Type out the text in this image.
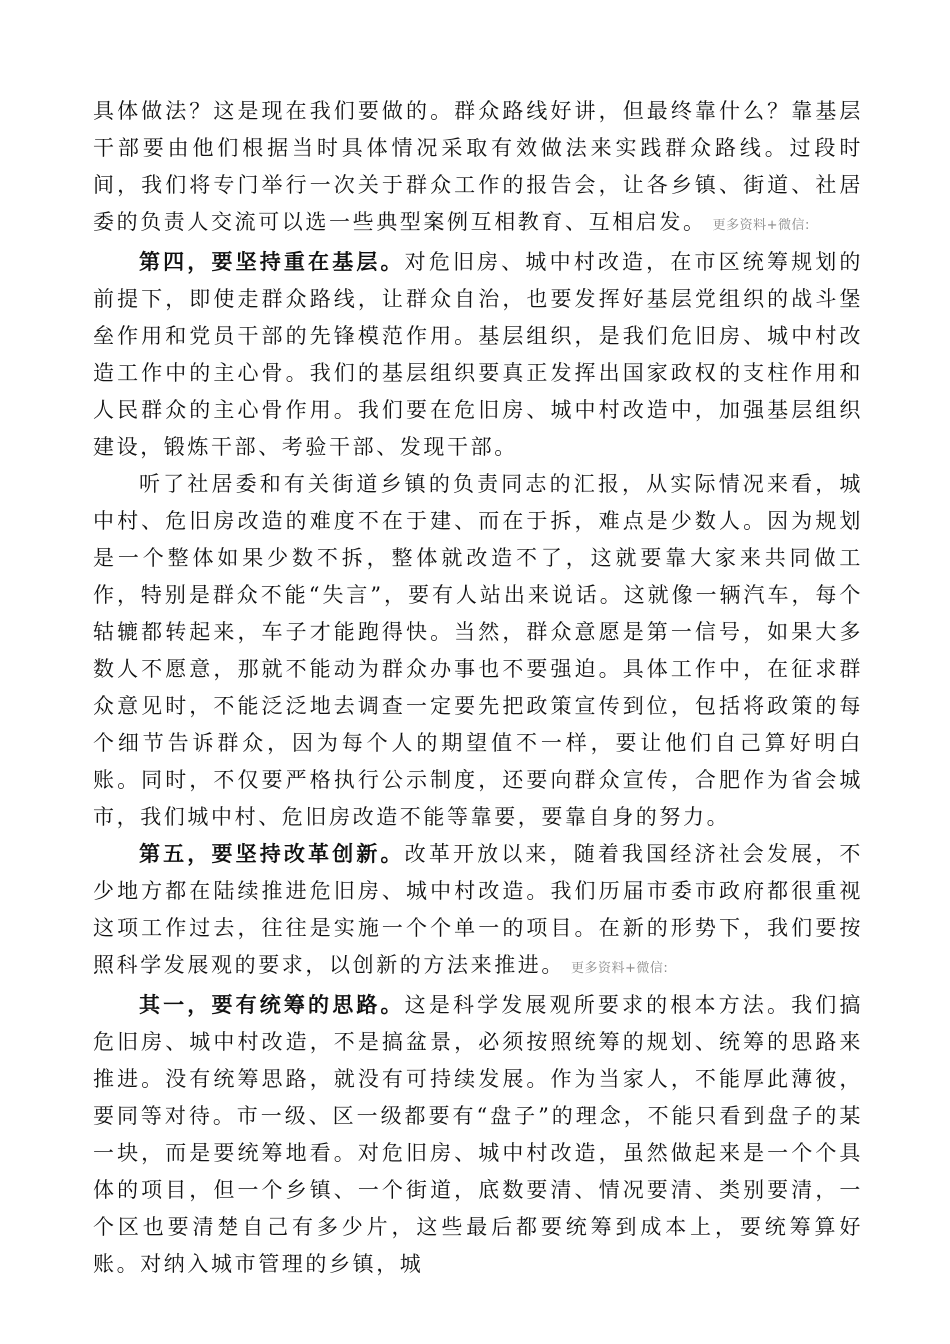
具体做法？这是现在我们要做的。群众路线好讲，但最终靠什么？靠基层干部要由他们根据当时具体情况采取有效做法来实践群众路线。过段时间，我们将专门举行一次关于群众工作的报告会，让各乡镇、街道、社居委的负责人交流可以选一些典型案例互相教育、互相启发。 更多资料+微信:

第四，要坚持重在基层。对危旧房、城中村改造，在市区统筹规划的前提下，即使走群众路线，让群众自治，也要发挥好基层党组织的战斗堡垒作用和党员干部的先锋模范作用。基层组织，是我们危旧房、城中村改造工作中的主心骨。我们的基层组织要真正发挥出国家政权的支柱作用和人民群众的主心骨作用。我们要在危旧房、城中村改造中，加强基层组织建设，锻炼干部、考验干部、发现干部。

听了社居委和有关街道乡镇的负责同志的汇报，从实际情况来看，城中村、危旧房改造的难度不在于建、而在于拆，难点是少数人。因为规划是一个整体如果少数不拆，整体就改造不了，这就要靠大家来共同做工作，特别是群众不能“失言”，要有人站出来说话。这就像一辆汽车，每个轱辘都转起来，车子才能跑得快。当然，群众意愿是第一信号，如果大多数人不愿意，那就不能动为群众办事也不要强迫。具体工作中，在征求群众意见时，不能泛泛地去调查一定要先把政策宣传到位，包括将政策的每个细节告诉群众，因为每个人的期望值不一样，要让他们自己算好明白账。同时，不仅要严格执行公示制度，还要向群众宣传，合肥作为省会城市，我们城中村、危旧房改造不能等靠要，要靠自身的努力。

第五，要坚持改革创新。改革开放以来，随着我国经济社会发展，不少地方都在陆续推进危旧房、城中村改造。我们历届市委市政府都很重视这项工作过去，往往是实施一个个单一的项目。在新的形势下，我们要按照科学发展观的要求，以创新的方法来推进。 更多资料+微信:

其一，要有统筹的思路。这是科学发展观所要求的根本方法。我们搞危旧房、城中村改造，不是搞盆景，必须按照统筹的规划、统筹的思路来推进。没有统筹思路，就没有可持续发展。作为当家人，不能厚此薄彼，要同等对待。市一级、区一级都要有“盘子”的理念，不能只看到盘子的某一块，而是要统筹地看。对危旧房、城中村改造，虽然做起来是一个个具体的项目，但一个乡镇、一个街道，底数要清、情况要清、类别要清，一个区也要清楚自己有多少片，这些最后都要统筹到成本上，要统筹算好账。对纳入城市管理的乡镇，城
